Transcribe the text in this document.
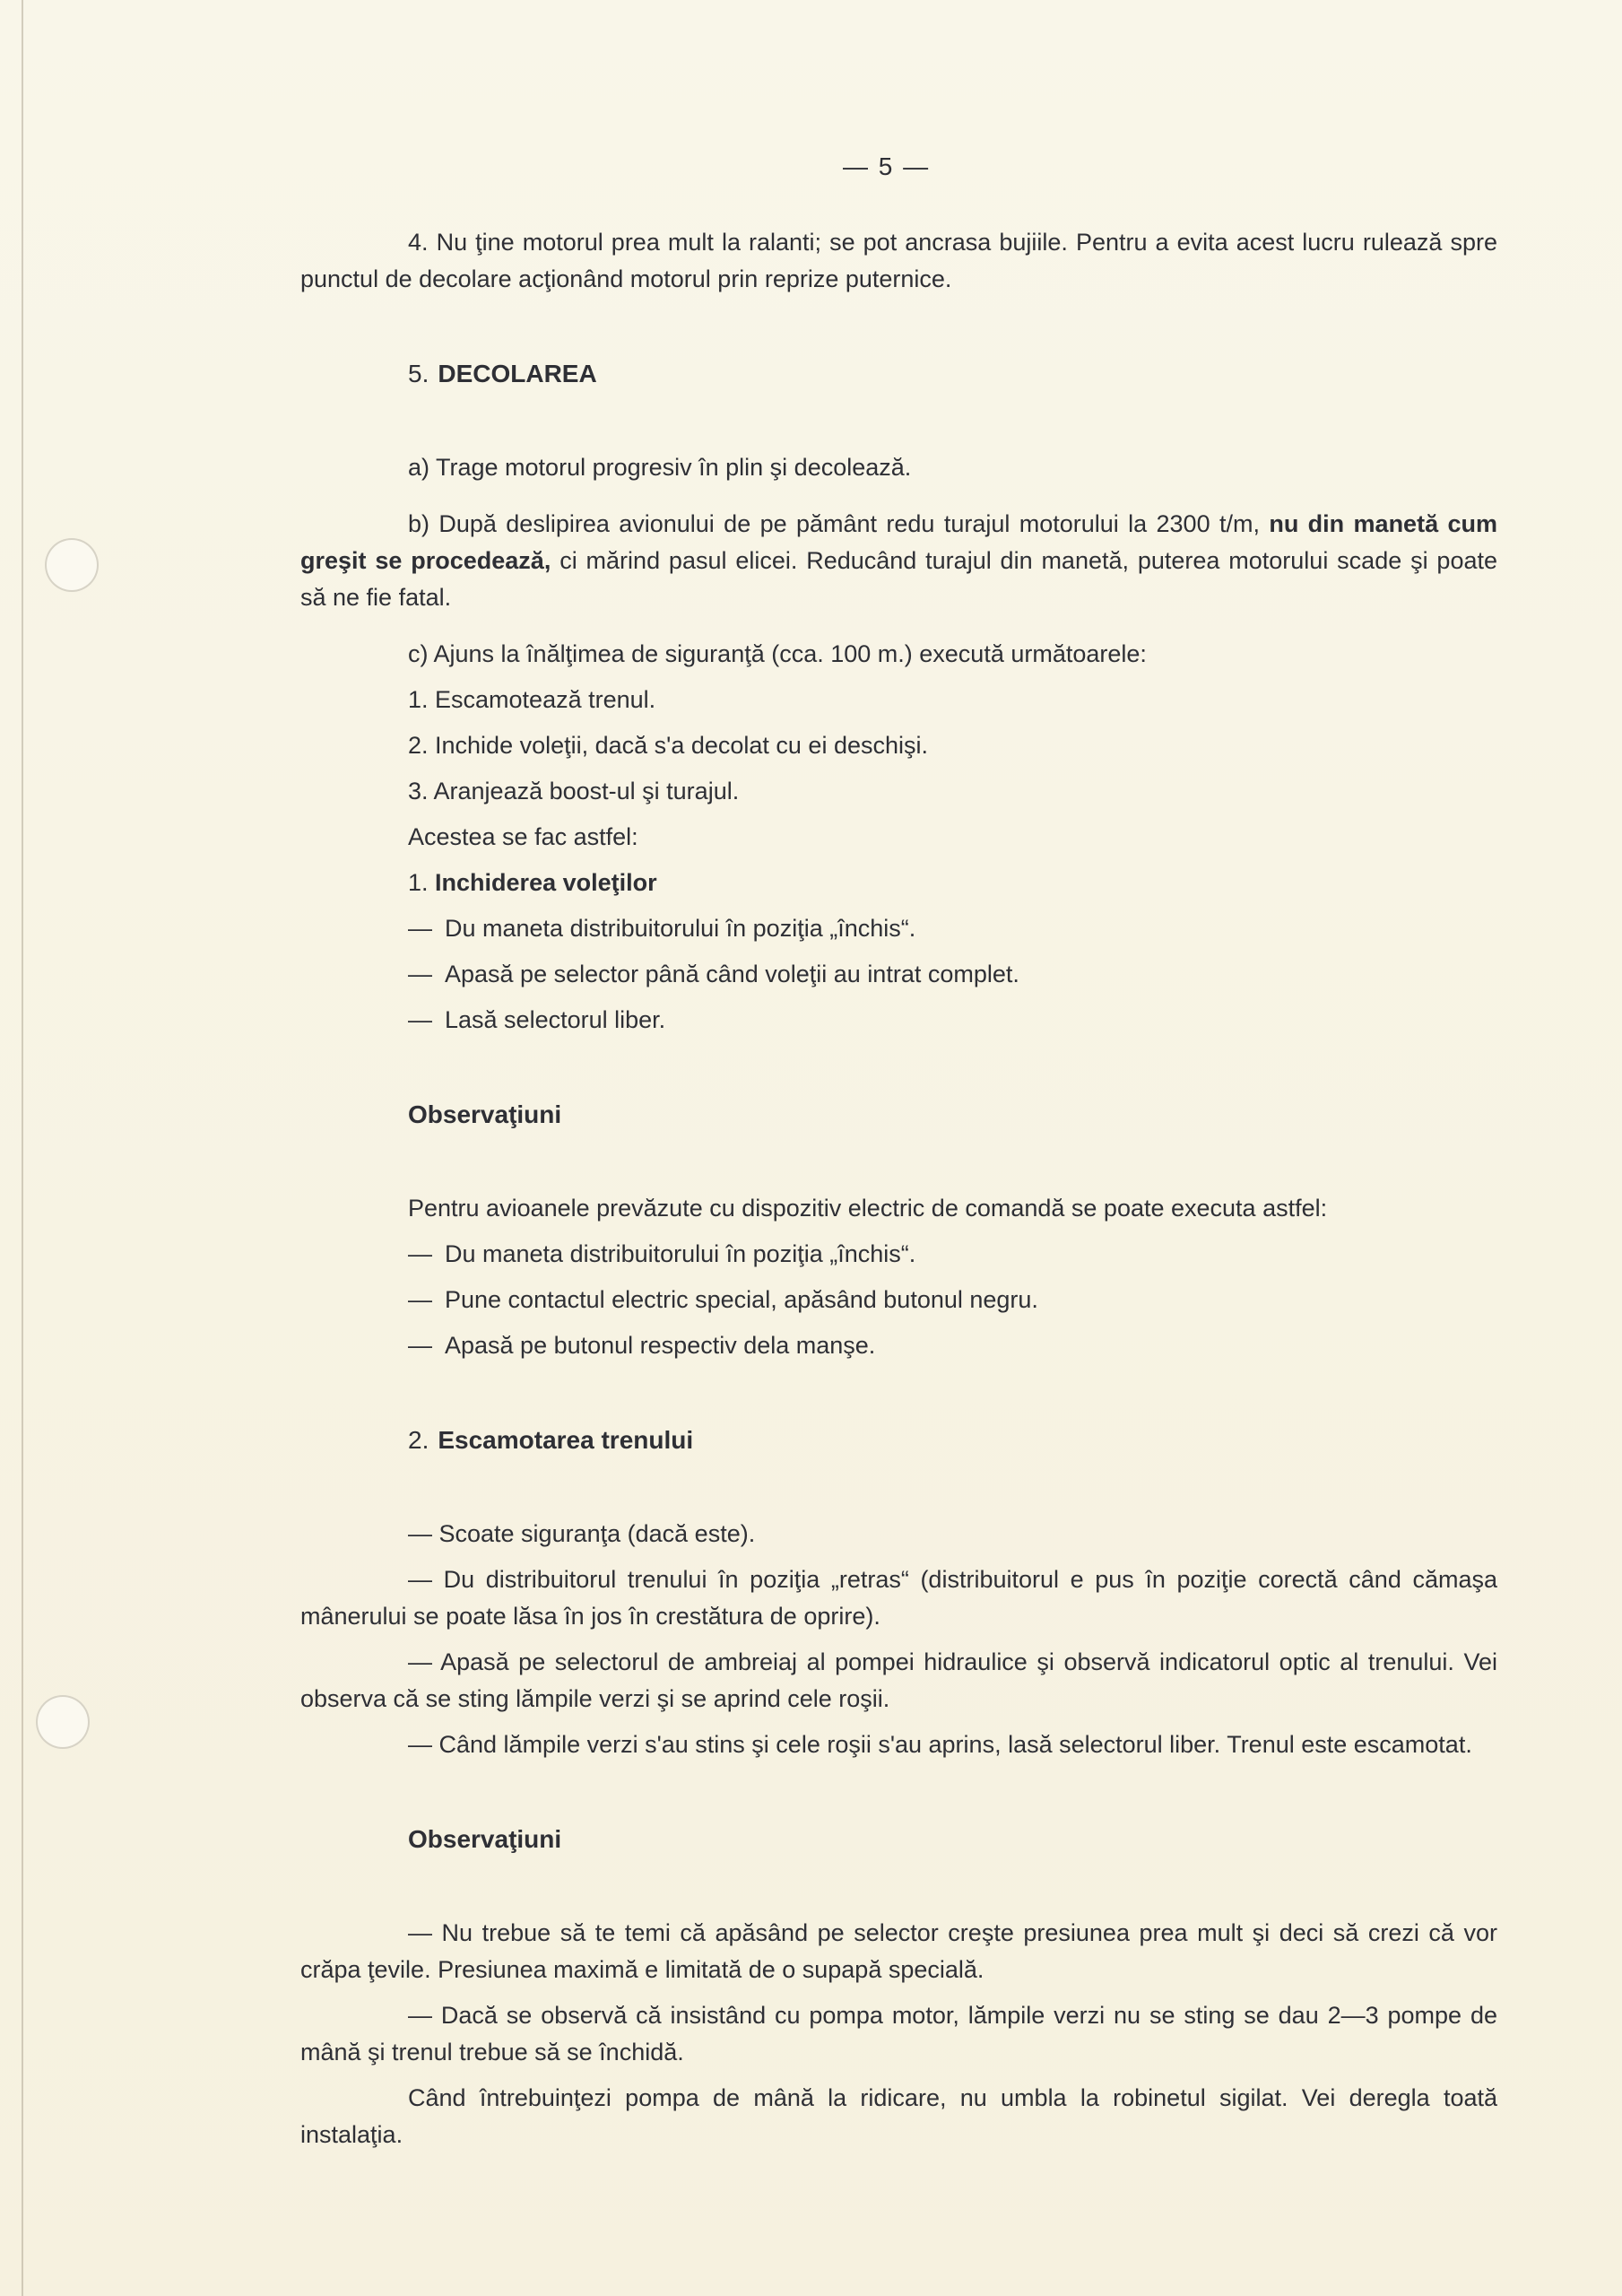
— 5 —

4. Nu ţine motorul prea mult la ralanti; se pot ancrasa bujiile. Pentru a evita acest lucru rulează spre punctul de decolare acţionând motorul prin reprize puternice.

5. DECOLAREA

a) Trage motorul progresiv în plin şi decolează.

b) După deslipirea avionului de pe pământ redu turajul motorului la 2300 t/m, nu din manetă cum greşit se procedează, ci mărind pasul elicei. Reducând turajul din manetă, puterea motorului scade şi poate să ne fie fatal.

c) Ajuns la înălţimea de siguranţă (cca. 100 m.) execută următoarele:

1. Escamotează trenul.

2. Inchide voleţii, dacă s'a decolat cu ei deschişi.

3. Aranjează boost-ul şi turajul.

Acestea se fac astfel:

1. Inchiderea voleţilor

— Du maneta distribuitorului în poziţia „închis“.

— Apasă pe selector până când voleţii au intrat complet.

— Lasă selectorul liber.

Observaţiuni

Pentru avioanele prevăzute cu dispozitiv electric de comandă se poate executa astfel:

— Du maneta distribuitorului în poziţia „închis“.

— Pune contactul electric special, apăsând butonul negru.

— Apasă pe butonul respectiv dela manşe.

2. Escamotarea trenului

— Scoate siguranţa (dacă este).

— Du distribuitorul trenului în poziţia „retras“ (distribuitorul e pus în poziţie corectă când cămaşa mânerului se poate lăsa în jos în crestătura de oprire).

— Apasă pe selectorul de ambreiaj al pompei hidraulice şi observă indicatorul optic al trenului. Vei observa că se sting lămpile verzi şi se aprind cele roşii.

— Când lămpile verzi s'au stins şi cele roşii s'au aprins, lasă selectorul liber. Trenul este escamotat.

Observaţiuni

— Nu trebue să te temi că apăsând pe selector creşte presiunea prea mult şi deci să crezi că vor crăpa ţevile. Presiunea maximă e limitată de o supapă specială.

— Dacă se observă că insistând cu pompa motor, lămpile verzi nu se sting se dau 2—3 pompe de mână şi trenul trebue să se închidă.

Când întrebuinţezi pompa de mână la ridicare, nu umbla la robinetul sigilat. Vei deregla toată instalaţia.
